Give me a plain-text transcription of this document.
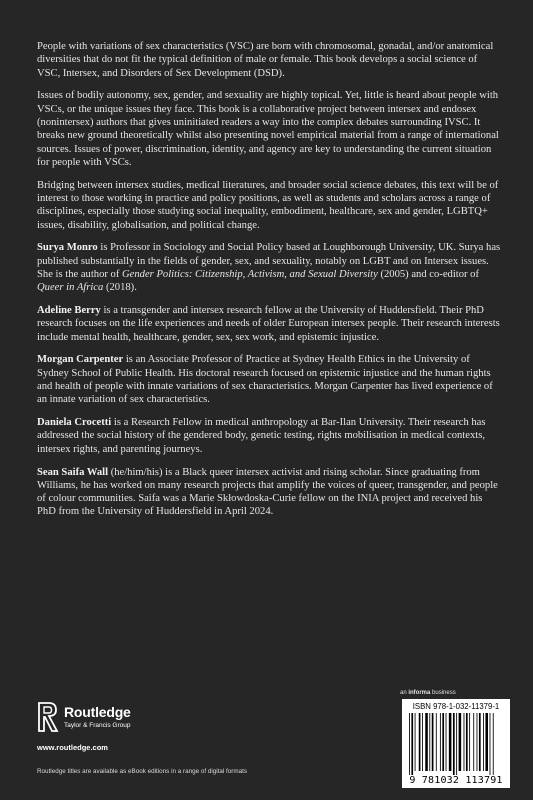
People with variations of sex characteristics (VSC) are born with chromosomal, gonadal, and/or anatomical diversities that do not fit the typical definition of male or female. This book develops a social science of VSC, Intersex, and Disorders of Sex Development (DSD).

Issues of bodily autonomy, sex, gender, and sexuality are highly topical. Yet, little is heard about people with VSCs, or the unique issues they face. This book is a collaborative project between intersex and endosex (nonintersex) authors that gives uninitiated readers a way into the complex debates surrounding IVSC. It breaks new ground theoretically whilst also presenting novel empirical material from a range of international sources. Issues of power, discrimination, identity, and agency are key to understanding the current situation for people with VSCs.

Bridging between intersex studies, medical literatures, and broader social science debates, this text will be of interest to those working in practice and policy positions, as well as students and scholars across a range of disciplines, especially those studying social inequality, embodiment, healthcare, sex and gender, LGBTQ+ issues, disability, globalisation, and political change.

Surya Monro is Professor in Sociology and Social Policy based at Loughborough University, UK. Surya has published substantially in the fields of gender, sex, and sexuality, notably on LGBT and on Intersex issues. She is the author of Gender Politics: Citizenship, Activism, and Sexual Diversity (2005) and co-editor of Queer in Africa (2018).

Adeline Berry is a transgender and intersex research fellow at the University of Huddersfield. Their PhD research focuses on the life experiences and needs of older European intersex people. Their research interests include mental health, healthcare, gender, sex, sex work, and epistemic injustice.

Morgan Carpenter is an Associate Professor of Practice at Sydney Health Ethics in the University of Sydney School of Public Health. His doctoral research focused on epistemic injustice and the human rights and health of people with innate variations of sex characteristics. Morgan Carpenter has lived experience of an innate variation of sex characteristics.

Daniela Crocetti is a Research Fellow in medical anthropology at Bar-Ilan University. Their research has addressed the social history of the gendered body, genetic testing, rights mobilisation in medical contexts, intersex rights, and parenting journeys.

Sean Saifa Wall (he/him/his) is a Black queer intersex activist and rising scholar. Since graduating from Williams, he has worked on many research projects that amplify the voices of queer, transgender, and people of colour communities. Saifa was a Marie Skłowdoska-Curie fellow on the INIA project and received his PhD from the University of Huddersfield in April 2024.

Routledge
Taylor & Francis Group
www.routledge.com
Routledge titles are available as eBook editions in a range of digital formats
an informa business
ISBN 978-1-032-11379-1
9 781032 113791
